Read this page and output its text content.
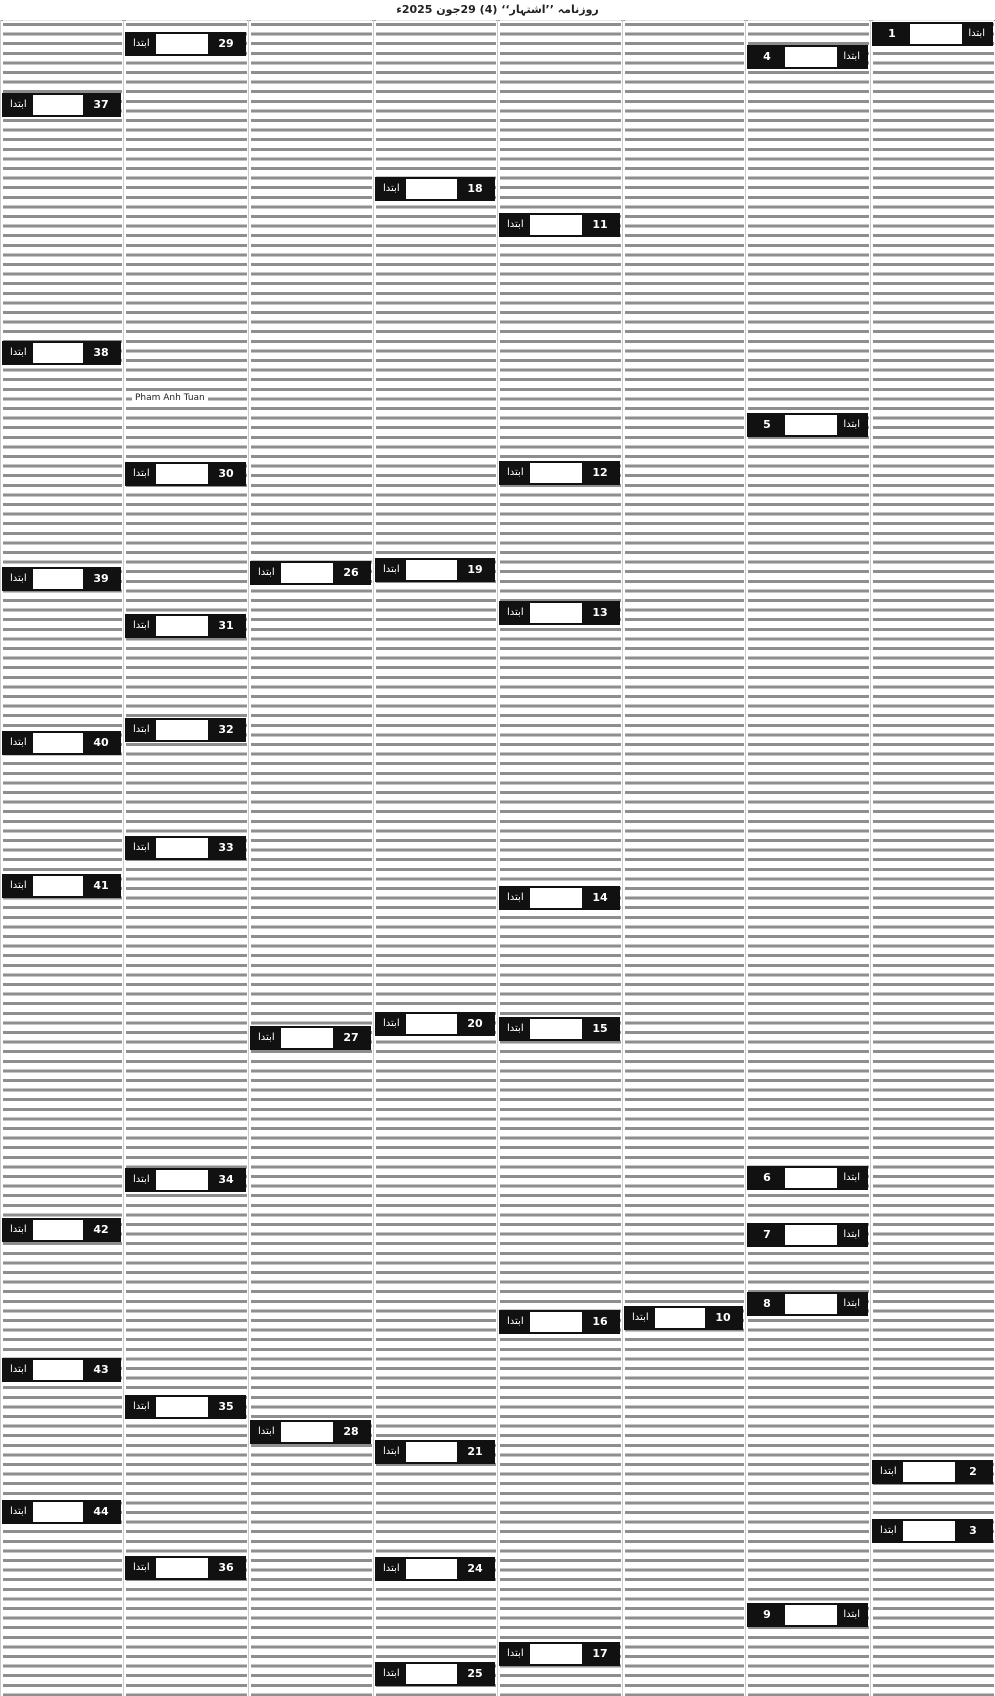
روزنامہ ’’اشتہار‘‘ (4) 29جون 2025ء
1	ابتدا
2
ابتدا
3
ابتدا
4	ابتدا
5	ابتدا
6	ابتدا
7	ابتدا
8	ابتدا
9	ابتدا
10
ابتدا
11
ابتدا
12
ابتدا
13
ابتدا
14
ابتدا
15
ابتدا
16
ابتدا
17
ابتدا
18
ابتدا
19
ابتدا
20
ابتدا
21
ابتدا
24
ابتدا
25
ابتدا
26
ابتدا
27
ابتدا
28
ابتدا
29
ابتدا
30
ابتدا
31
ابتدا
32
ابتدا
33
ابتدا
34
ابتدا
35
ابتدا
36
ابتدا
37
ابتدا
38
ابتدا
39
ابتدا
40
ابتدا
41
ابتدا
42
ابتدا
43
ابتدا
44
ابتدا
Pham Anh Tuan
